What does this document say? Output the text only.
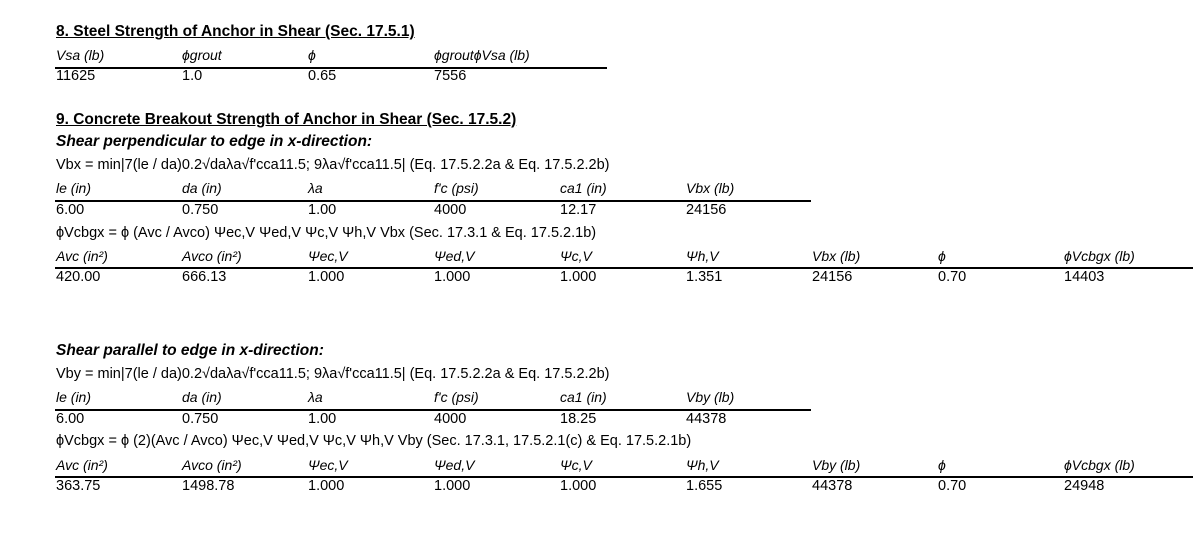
8. Steel Strength of Anchor in Shear (Sec. 17.5.1)
Vsa (lb)	ϕgrout	ϕ	ϕgroutϕVsa (lb)
11625	1.0	0.65	7556
9. Concrete Breakout Strength of Anchor in Shear (Sec. 17.5.2)
Shear perpendicular to edge in x-direction:
Vbx = min|7(le / da)0.2√daλa√f'cca11.5; 9λa√f'cca11.5| (Eq. 17.5.2.2a & Eq. 17.5.2.2b)
le (in)	da (in)	λa	f'c (psi)	ca1 (in)	Vbx (lb)
6.00	0.750	1.00	4000	12.17	24156
ϕVcbgx = ϕ (Avc / Avco) Ψec,V Ψed,V Ψc,V Ψh,V Vbx (Sec. 17.3.1 & Eq. 17.5.2.1b)
Avc (in²)	Avco (in²)	Ψec,V	Ψed,V	Ψc,V	Ψh,V	Vbx (lb)	ϕ	ϕVcbgx (lb)
420.00	666.13	1.000	1.000	1.000	1.351	24156	0.70	14403
Shear parallel to edge in x-direction:
Vby = min|7(le / da)0.2√daλa√f'cca11.5; 9λa√f'cca11.5| (Eq. 17.5.2.2a & Eq. 17.5.2.2b)
le (in)	da (in)	λa	f'c (psi)	ca1 (in)	Vby (lb)
6.00	0.750	1.00	4000	18.25	44378
ϕVcbgx = ϕ (2)(Avc / Avco) Ψec,V Ψed,V Ψc,V Ψh,V Vby (Sec. 17.3.1, 17.5.2.1(c) & Eq. 17.5.2.1b)
Avc (in²)	Avco (in²)	Ψec,V	Ψed,V	Ψc,V	Ψh,V	Vby (lb)	ϕ	ϕVcbgx (lb)
363.75	1498.78	1.000	1.000	1.000	1.655	44378	0.70	24948
